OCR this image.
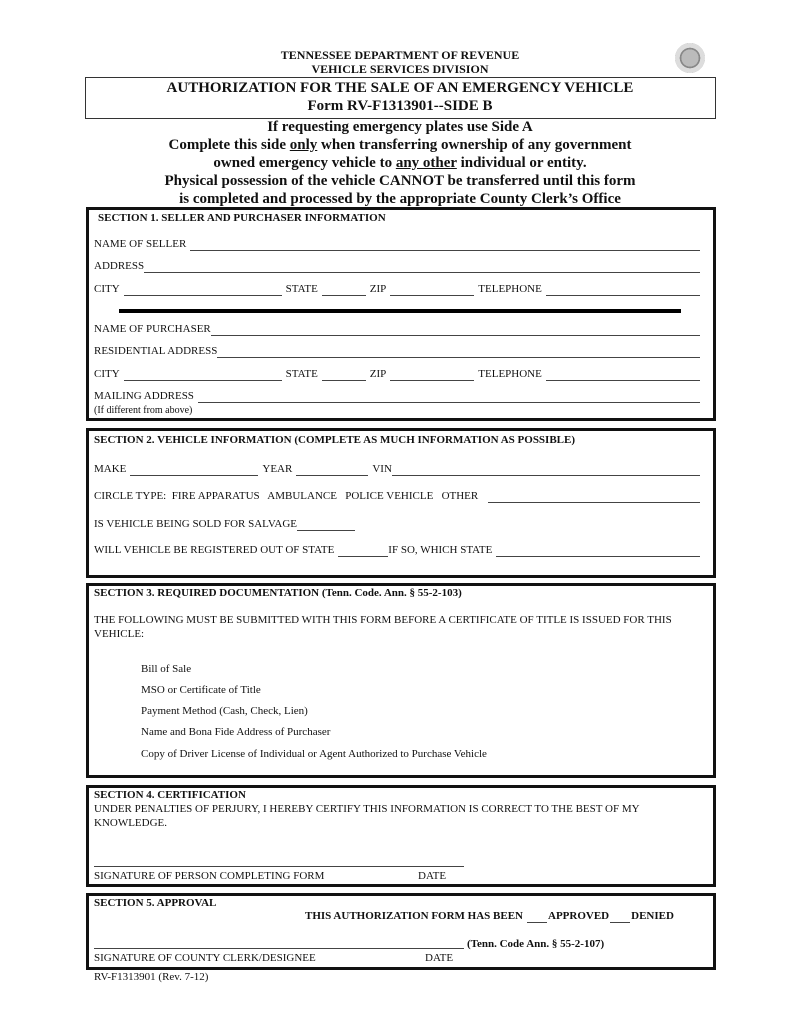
TENNESSEE DEPARTMENT OF REVENUE
VEHICLE SERVICES DIVISION
AUTHORIZATION FOR THE SALE OF AN EMERGENCY VEHICLE
Form RV-F1313901--SIDE B
If requesting emergency plates use Side A
Complete this side only when transferring ownership of any government
owned emergency vehicle to any other individual or entity.
Physical possession of the vehicle CANNOT be transferred until this form
is completed and processed by the appropriate County Clerk’s Office
SECTION 1. SELLER AND PURCHASER INFORMATION
NAME OF SELLER
ADDRESS
CITY	STATE	ZIP	TELEPHONE
NAME OF PURCHASER
RESIDENTIAL ADDRESS
CITY	STATE	ZIP	TELEPHONE
MAILING ADDRESS
(If different from above)
SECTION 2. VEHICLE INFORMATION (COMPLETE AS MUCH INFORMATION AS POSSIBLE)
MAKE	YEAR	VIN
CIRCLE TYPE:  FIRE APPARATUS   AMBULANCE   POLICE VEHICLE   OTHER
IS VEHICLE BEING SOLD FOR SALVAGE
WILL VEHICLE BE REGISTERED OUT OF STATE	IF SO, WHICH STATE
SECTION 3. REQUIRED DOCUMENTATION (Tenn. Code. Ann. § 55-2-103)
THE FOLLOWING MUST BE SUBMITTED WITH THIS FORM BEFORE A CERTIFICATE OF TITLE IS ISSUED FOR THIS VEHICLE:
Bill of Sale
MSO or Certificate of Title
Payment Method (Cash, Check, Lien)
Name and Bona Fide Address of Purchaser
Copy of Driver License of Individual or Agent Authorized to Purchase Vehicle
SECTION 4. CERTIFICATION
UNDER PENALTIES OF PERJURY, I HEREBY CERTIFY THIS INFORMATION IS CORRECT TO THE BEST OF MY KNOWLEDGE.
SIGNATURE OF PERSON COMPLETING FORM	DATE
SECTION 5. APPROVAL
THIS AUTHORIZATION FORM HAS BEEN APPROVED DENIED
(Tenn. Code Ann. § 55-2-107)
SIGNATURE OF COUNTY CLERK/DESIGNEE	DATE
RV-F1313901 (Rev. 7-12)
